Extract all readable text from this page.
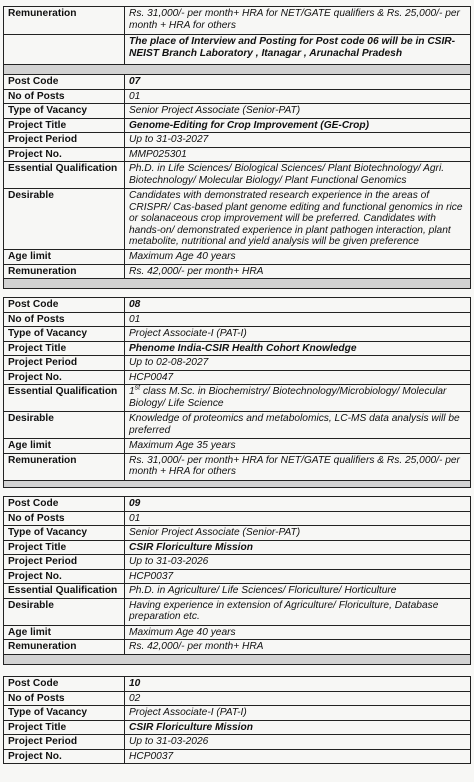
Remuneration	Rs. 31,000/- per month+ HRA for NET/GATE qualifiers & Rs. 25,000/- per month + HRA for others
	The place of Interview and Posting for Post code 06 will be in CSIR-NEIST Branch Laboratory , Itanagar , Arunachal Pradesh

Post Code	07
No of Posts	01
Type of Vacancy	Senior Project Associate (Senior-PAT)
Project Title	Genome-Editing for Crop Improvement (GE-Crop)
Project Period	Up to 31-03-2027
Project No.	MMP025301
Essential Qualification	Ph.D. in Life Sciences/ Biological Sciences/ Plant Biotechnology/ Agri. Biotechnology/ Molecular Biology/ Plant Functional Genomics
Desirable	Candidates with demonstrated research experience in the areas of CRISPR/ Cas-based plant genome editing and functional genomics in rice or solanaceous crop improvement will be preferred. Candidates with hands-on/ demonstrated experience in plant pathogen interaction, plant metabolite, nutritional and yield analysis will be given preference
Age limit	Maximum Age 40 years
Remuneration	Rs. 42,000/- per month+ HRA

Post Code	08
No of Posts	01
Type of Vacancy	Project Associate-I (PAT-I)
Project Title	Phenome India-CSIR Health Cohort Knowledge
Project Period	Up to 02-08-2027
Project No.	HCP0047
Essential Qualification	1st class M.Sc. in Biochemistry/ Biotechnology/Microbiology/ Molecular Biology/ Life Science
Desirable	Knowledge of proteomics and metabolomics, LC-MS data analysis will be preferred
Age limit	Maximum Age 35 years
Remuneration	Rs. 31,000/- per month+ HRA for NET/GATE qualifiers & Rs. 25,000/- per month + HRA for others

Post Code	09
No of Posts	01
Type of Vacancy	Senior Project Associate (Senior-PAT)
Project Title	CSIR Floriculture Mission
Project Period	Up to 31-03-2026
Project No.	HCP0037
Essential Qualification	Ph.D. in Agriculture/ Life Sciences/ Floriculture/ Horticulture
Desirable	Having experience in extension of Agriculture/ Floriculture, Database preparation etc.
Age limit	Maximum Age 40 years
Remuneration	Rs. 42,000/- per month+ HRA

Post Code	10
No of Posts	02
Type of Vacancy	Project Associate-I (PAT-I)
Project Title	CSIR Floriculture Mission
Project Period	Up to 31-03-2026
Project No.	HCP0037
